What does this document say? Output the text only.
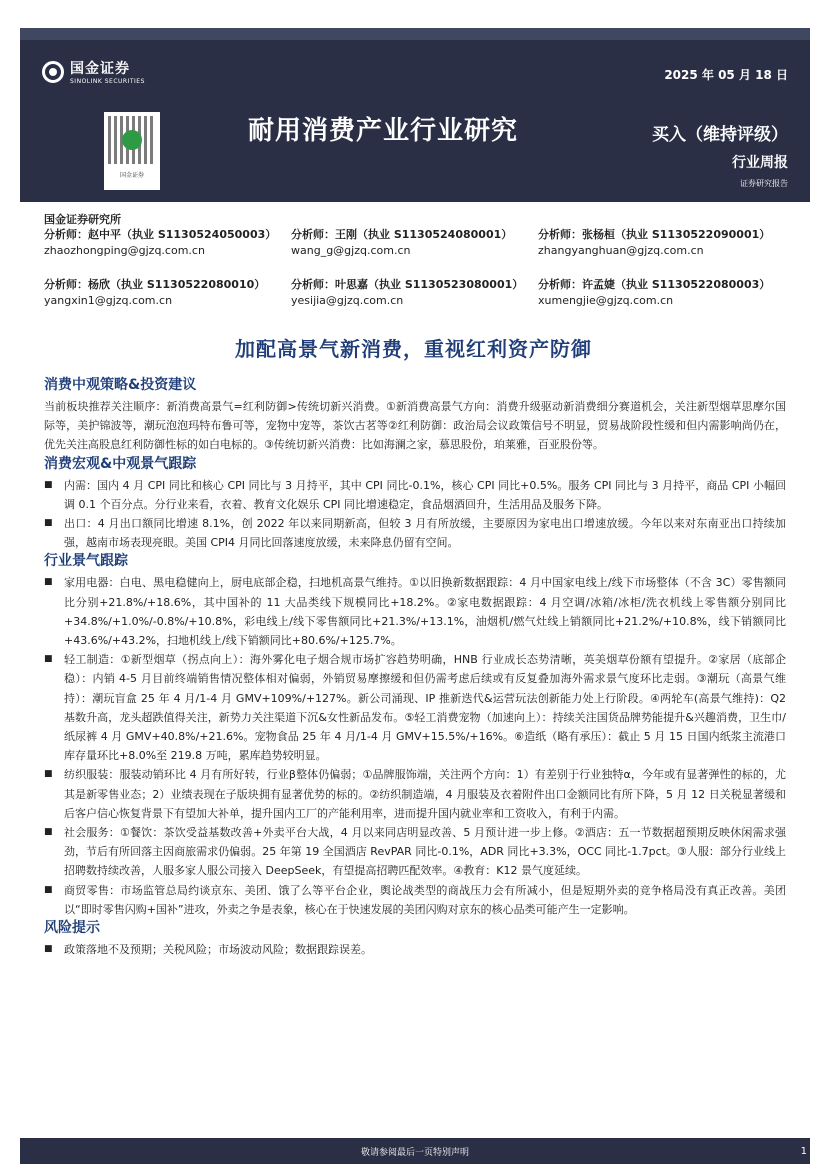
国金证券
SINOLINK SECURITIES
国金证券
2025 年 05 月 18 日
耐用消费产业行业研究	买入（维持评级）
行业周报
证券研究报告
国金证券研究所
分析师：赵中平（执业 S1130524050003）
zhaozhongping@gjzq.com.cn
分析师：王刚（执业 S1130524080001）
wang_g@gjzq.com.cn
分析师：张杨桓（执业 S1130522090001）
zhangyanghuan@gjzq.com.cn
分析师：杨欣（执业 S1130522080010）
yangxin1@gjzq.com.cn
分析师：叶思嘉（执业 S1130523080001）
yesijia@gjzq.com.cn
分析师：许孟婕（执业 S1130522080003）
xumengjie@gjzq.com.cn
加配高景气新消费，重视红利资产防御
消费中观策略&投资建议

当前板块推荐关注顺序：新消费高景气=红利防御>传统切新兴消费。①新消费高景气方向：消费升级驱动新消费细分赛道机会，关注新型烟草思摩尔国际等，美护锦波等，潮玩泡泡玛特布鲁可等，宠物中宠等，茶饮古茗等②红利防御：政治局会议政策信号不明显，贸易战阶段性缓和但内需影响尚仍在，优先关注高股息红利防御性标的如白电标的。③传统切新兴消费：比如海澜之家，慕思股份，珀莱雅，百亚股份等。

消费宏观&中观景气跟踪
■	内需：国内 4 月 CPI 同比和核心 CPI 同比与 3 月持平，其中 CPI 同比-0.1%，核心 CPI 同比+0.5%。服务 CPI 同比与 3 月持平，商品 CPI 小幅回调 0.1 个百分点。分行业来看，衣着、教育文化娱乐 CPI 同比增速稳定，食品烟酒回升，生活用品及服务下降。
■	出口：4 月出口额同比增速 8.1%，创 2022 年以来同期新高，但较 3 月有所放缓，主要原因为家电出口增速放缓。今年以来对东南亚出口持续加强，越南市场表现亮眼。美国 CPI4 月同比回落速度放缓，未来降息仍留有空间。
行业景气跟踪
■	家用电器：白电、黑电稳健向上，厨电底部企稳，扫地机高景气维持。①以旧换新数据跟踪：4 月中国家电线上/线下市场整体（不含 3C）零售额同比分别+21.8%/+18.6%，其中国补的 11 大品类线下规模同比+18.2%。②家电数据跟踪：4 月空调/冰箱/冰柜/洗衣机线上零售额分别同比+34.8%/+1.0%/-0.8%/+10.8%，彩电线上/线下零售额同比+21.3%/+13.1%，油烟机/燃气灶线上销额同比+21.2%/+10.8%，线下销额同比+43.6%/+43.2%，扫地机线上/线下销额同比+80.6%/+125.7%。
■	轻工制造：①新型烟草（拐点向上）：海外雾化电子烟合规市场扩容趋势明确，HNB 行业成长态势清晰，英美烟草份额有望提升。②家居（底部企稳）：内销 4-5 月目前终端销售情况整体相对偏弱，外销贸易摩擦缓和但仍需考虑后续或有反复叠加海外需求景气度环比走弱。③潮玩（高景气维持）：潮玩盲盒 25 年 4 月/1-4 月 GMV+109%/+127%。新公司涌现、IP 推新迭代&运营玩法创新能力处上行阶段。④两轮车(高景气维持)：Q2 基数升高，龙头超跌值得关注，新势力关注渠道下沉&女性新品发布。⑤轻工消费宠物（加速向上）：持续关注国货品牌势能提升&兴趣消费，卫生巾/纸尿裤 4 月 GMV+40.8%/+21.6%。宠物食品 25 年 4 月/1-4 月 GMV+15.5%/+16%。⑥造纸（略有承压）：截止 5 月 15 日国内纸浆主流港口库存量环比+8.0%至 219.8 万吨，累库趋势较明显。
■	纺织服装：服装动销环比 4 月有所好转，行业β整体仍偏弱；①品牌服饰端，关注两个方向：1）有差别于行业独特α，今年或有显著弹性的标的，尤其是新零售业态；2）业绩表现在子版块拥有显著优势的标的。②纺织制造端，4 月服装及衣着附件出口金额同比有所下降，5 月 12 日关税显著缓和后客户信心恢复背景下有望加大补单，提升国内工厂的产能利用率，进而提升国内就业率和工资收入，有利于内需。
■	社会服务：①餐饮：茶饮受益基数改善+外卖平台大战，4 月以来同店明显改善、5 月预计进一步上修。②酒店：五一节数据超预期反映休闲需求强劲，节后有所回落主因商旅需求仍偏弱。25 年第 19 全国酒店 RevPAR 同比-0.1%，ADR 同比+3.3%，OCC 同比-1.7pct。③人服：部分行业线上招聘数持续改善，人服多家人服公司接入 DeepSeek，有望提高招聘匹配效率。④教育：K12 景气度延续。
■	商贸零售：市场监管总局约谈京东、美团、饿了么等平台企业，舆论战类型的商战压力会有所减小，但是短期外卖的竞争格局没有真正改善。美团以“即时零售闪购+国补”进攻，外卖之争是表象，核心在于快速发展的美团闪购对京东的核心品类可能产生一定影响。
风险提示
■	政策落地不及预期；关税风险；市场波动风险；数据跟踪误差。
敬请参阅最后一页特别声明	1
